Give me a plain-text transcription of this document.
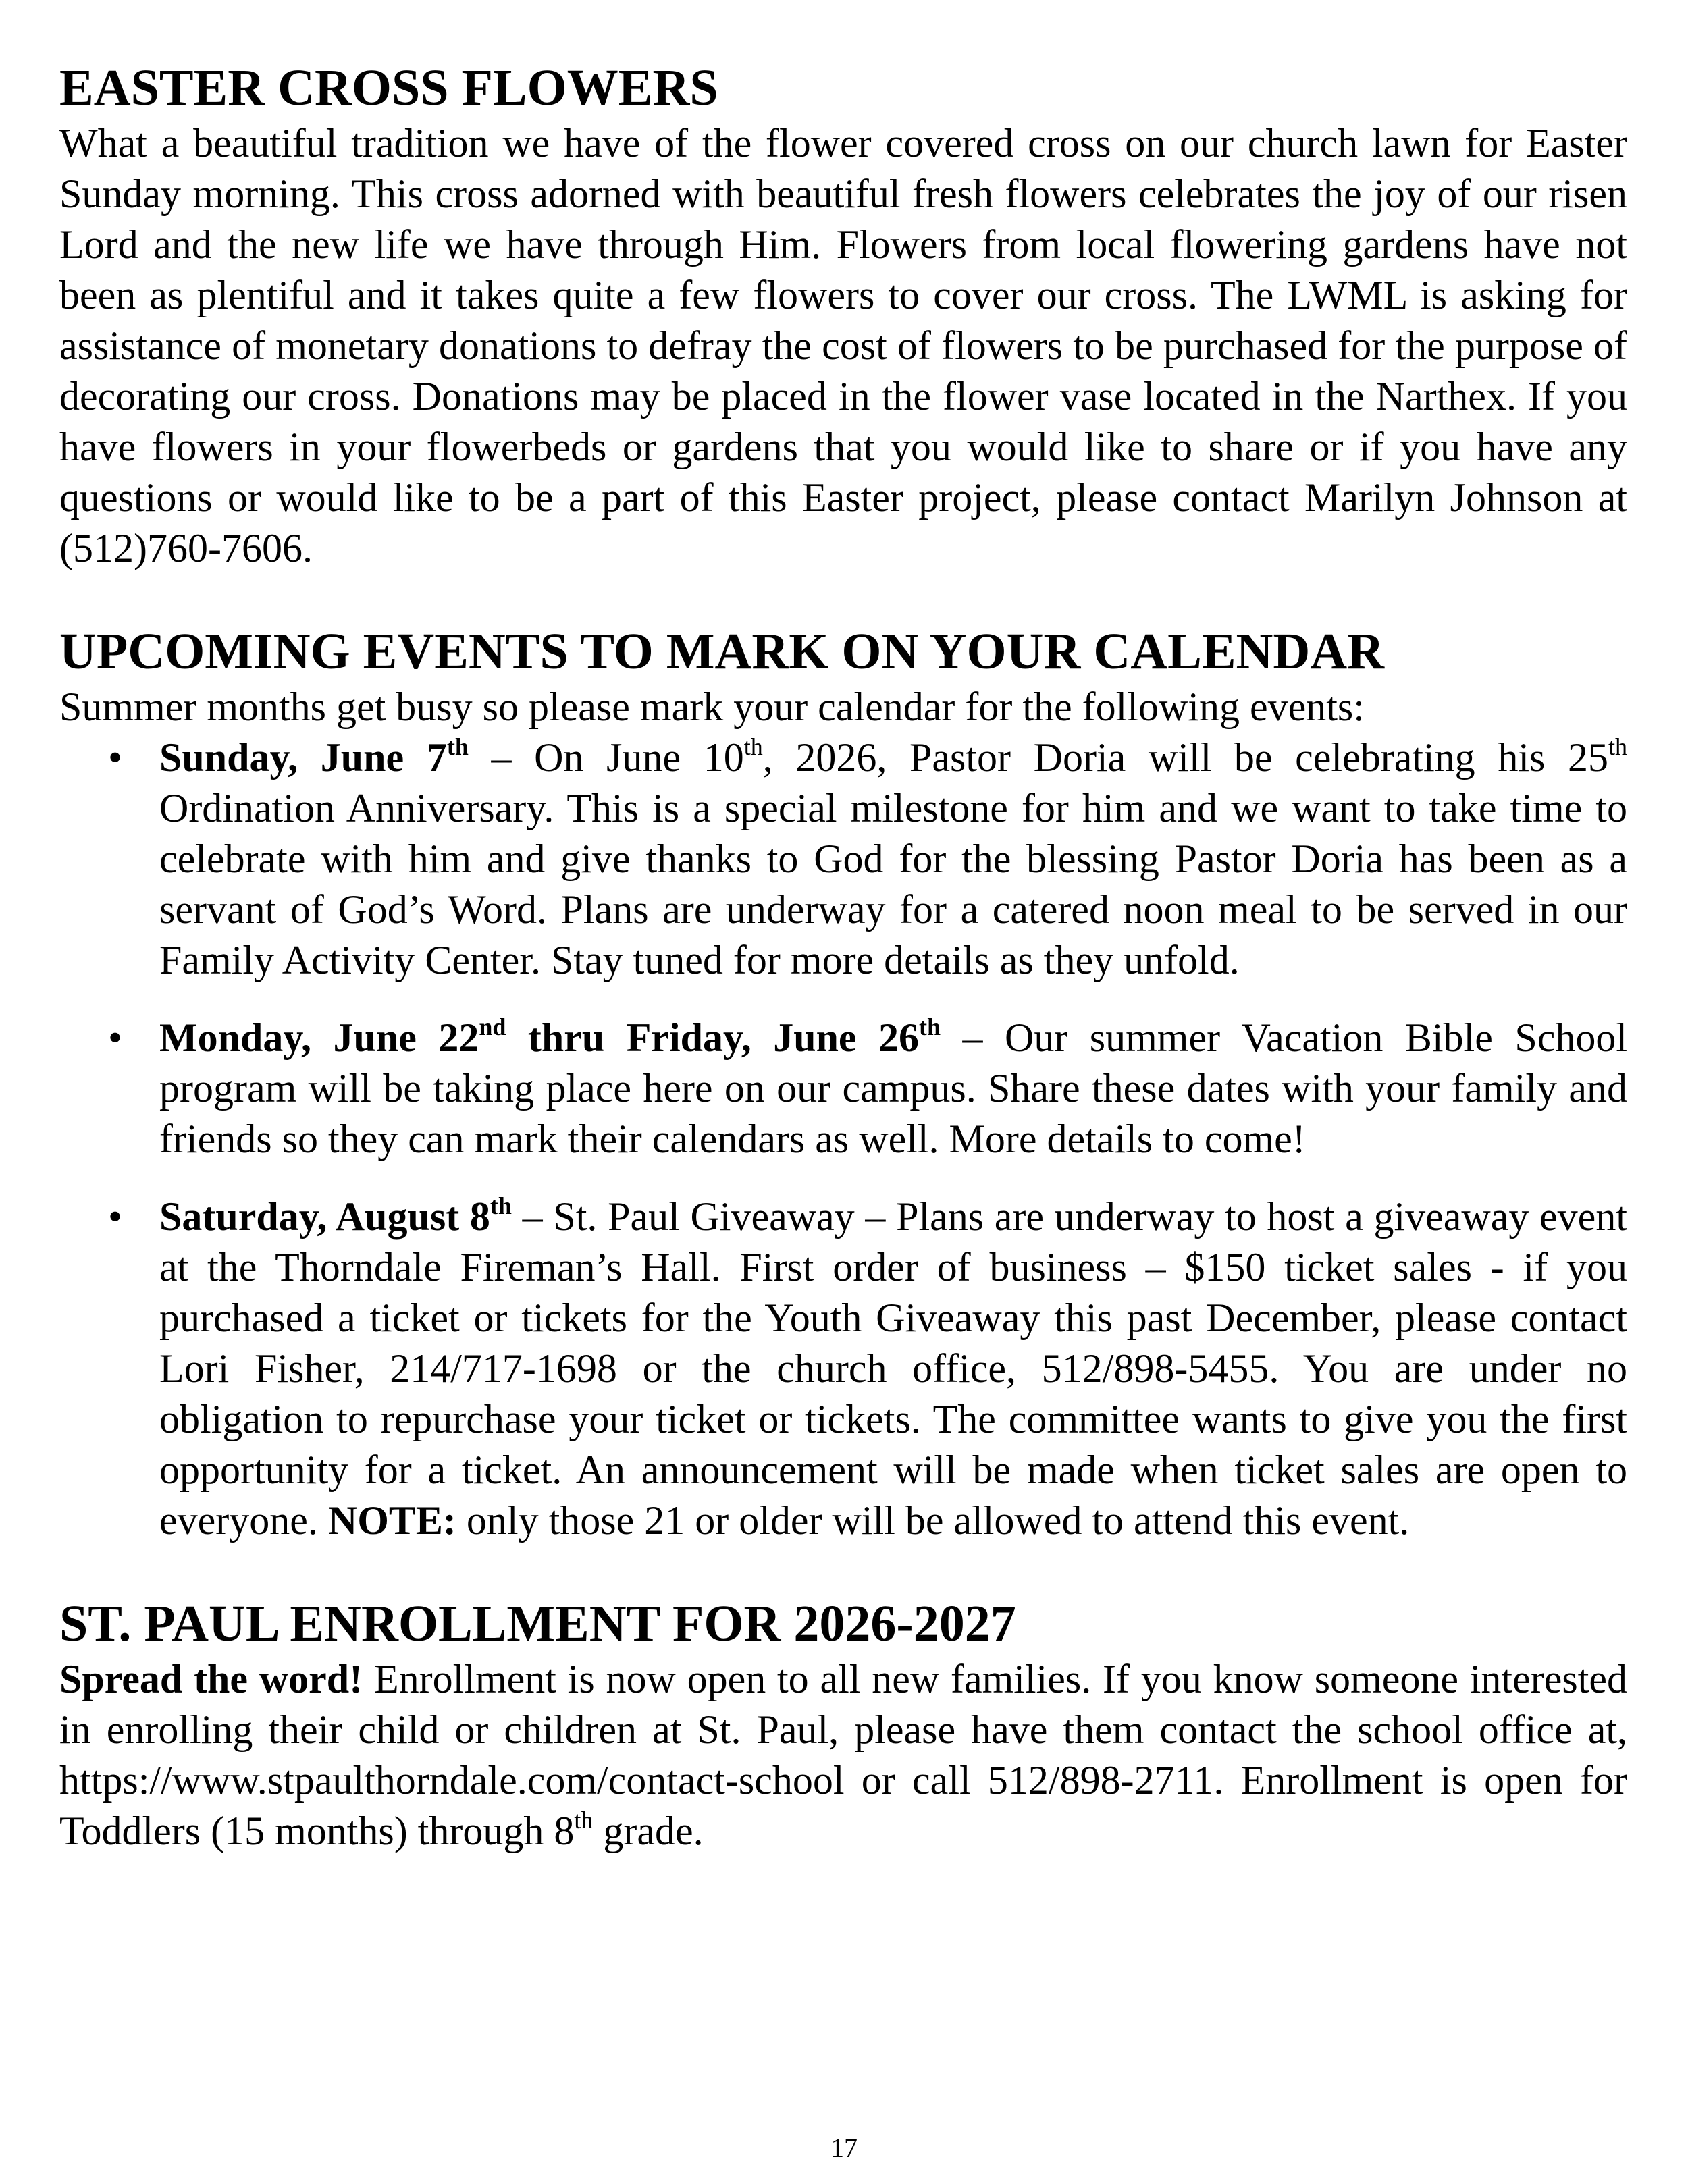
EASTER CROSS FLOWERS

What a beautiful tradition we have of the flower covered cross on our church lawn for Easter Sunday morning. This cross adorned with beautiful fresh flowers celebrates the joy of our risen Lord and the new life we have through Him. Flowers from local flowering gardens have not been as plentiful and it takes quite a few flowers to cover our cross. The LWML is asking for assistance of monetary donations to defray the cost of flowers to be purchased for the purpose of decorating our cross. Donations may be placed in the flower vase located in the Narthex. If you have flowers in your flowerbeds or gardens that you would like to share or if you have any questions or would like to be a part of this Easter project, please contact Marilyn Johnson at (512)760-7606.

UPCOMING EVENTS TO MARK ON YOUR CALENDAR

Summer months get busy so please mark your calendar for the following events:

• Sunday, June 7th – On June 10th, 2026, Pastor Doria will be celebrating his 25th Ordination Anniversary. This is a special milestone for him and we want to take time to celebrate with him and give thanks to God for the blessing Pastor Doria has been as a servant of God’s Word. Plans are underway for a catered noon meal to be served in our Family Activity Center. Stay tuned for more details as they unfold.
• Monday, June 22nd thru Friday, June 26th – Our summer Vacation Bible School program will be taking place here on our campus. Share these dates with your family and friends so they can mark their calendars as well. More details to come!
• Saturday, August 8th – St. Paul Giveaway – Plans are underway to host a giveaway event at the Thorndale Fireman’s Hall. First order of business – $150 ticket sales - if you purchased a ticket or tickets for the Youth Giveaway this past December, please contact Lori Fisher, 214/717-1698 or the church office, 512/898-5455. You are under no obligation to repurchase your ticket or tickets. The committee wants to give you the first opportunity for a ticket. An announcement will be made when ticket sales are open to everyone. NOTE: only those 21 or older will be allowed to attend this event.
ST. PAUL ENROLLMENT FOR 2026-2027

Spread the word! Enrollment is now open to all new families. If you know someone interested in enrolling their child or children at St. Paul, please have them contact the school office at, https://www.stpaulthorndale.com/contact-school or call 512/898-2711. Enrollment is open for Toddlers (15 months) through 8th grade.

17
